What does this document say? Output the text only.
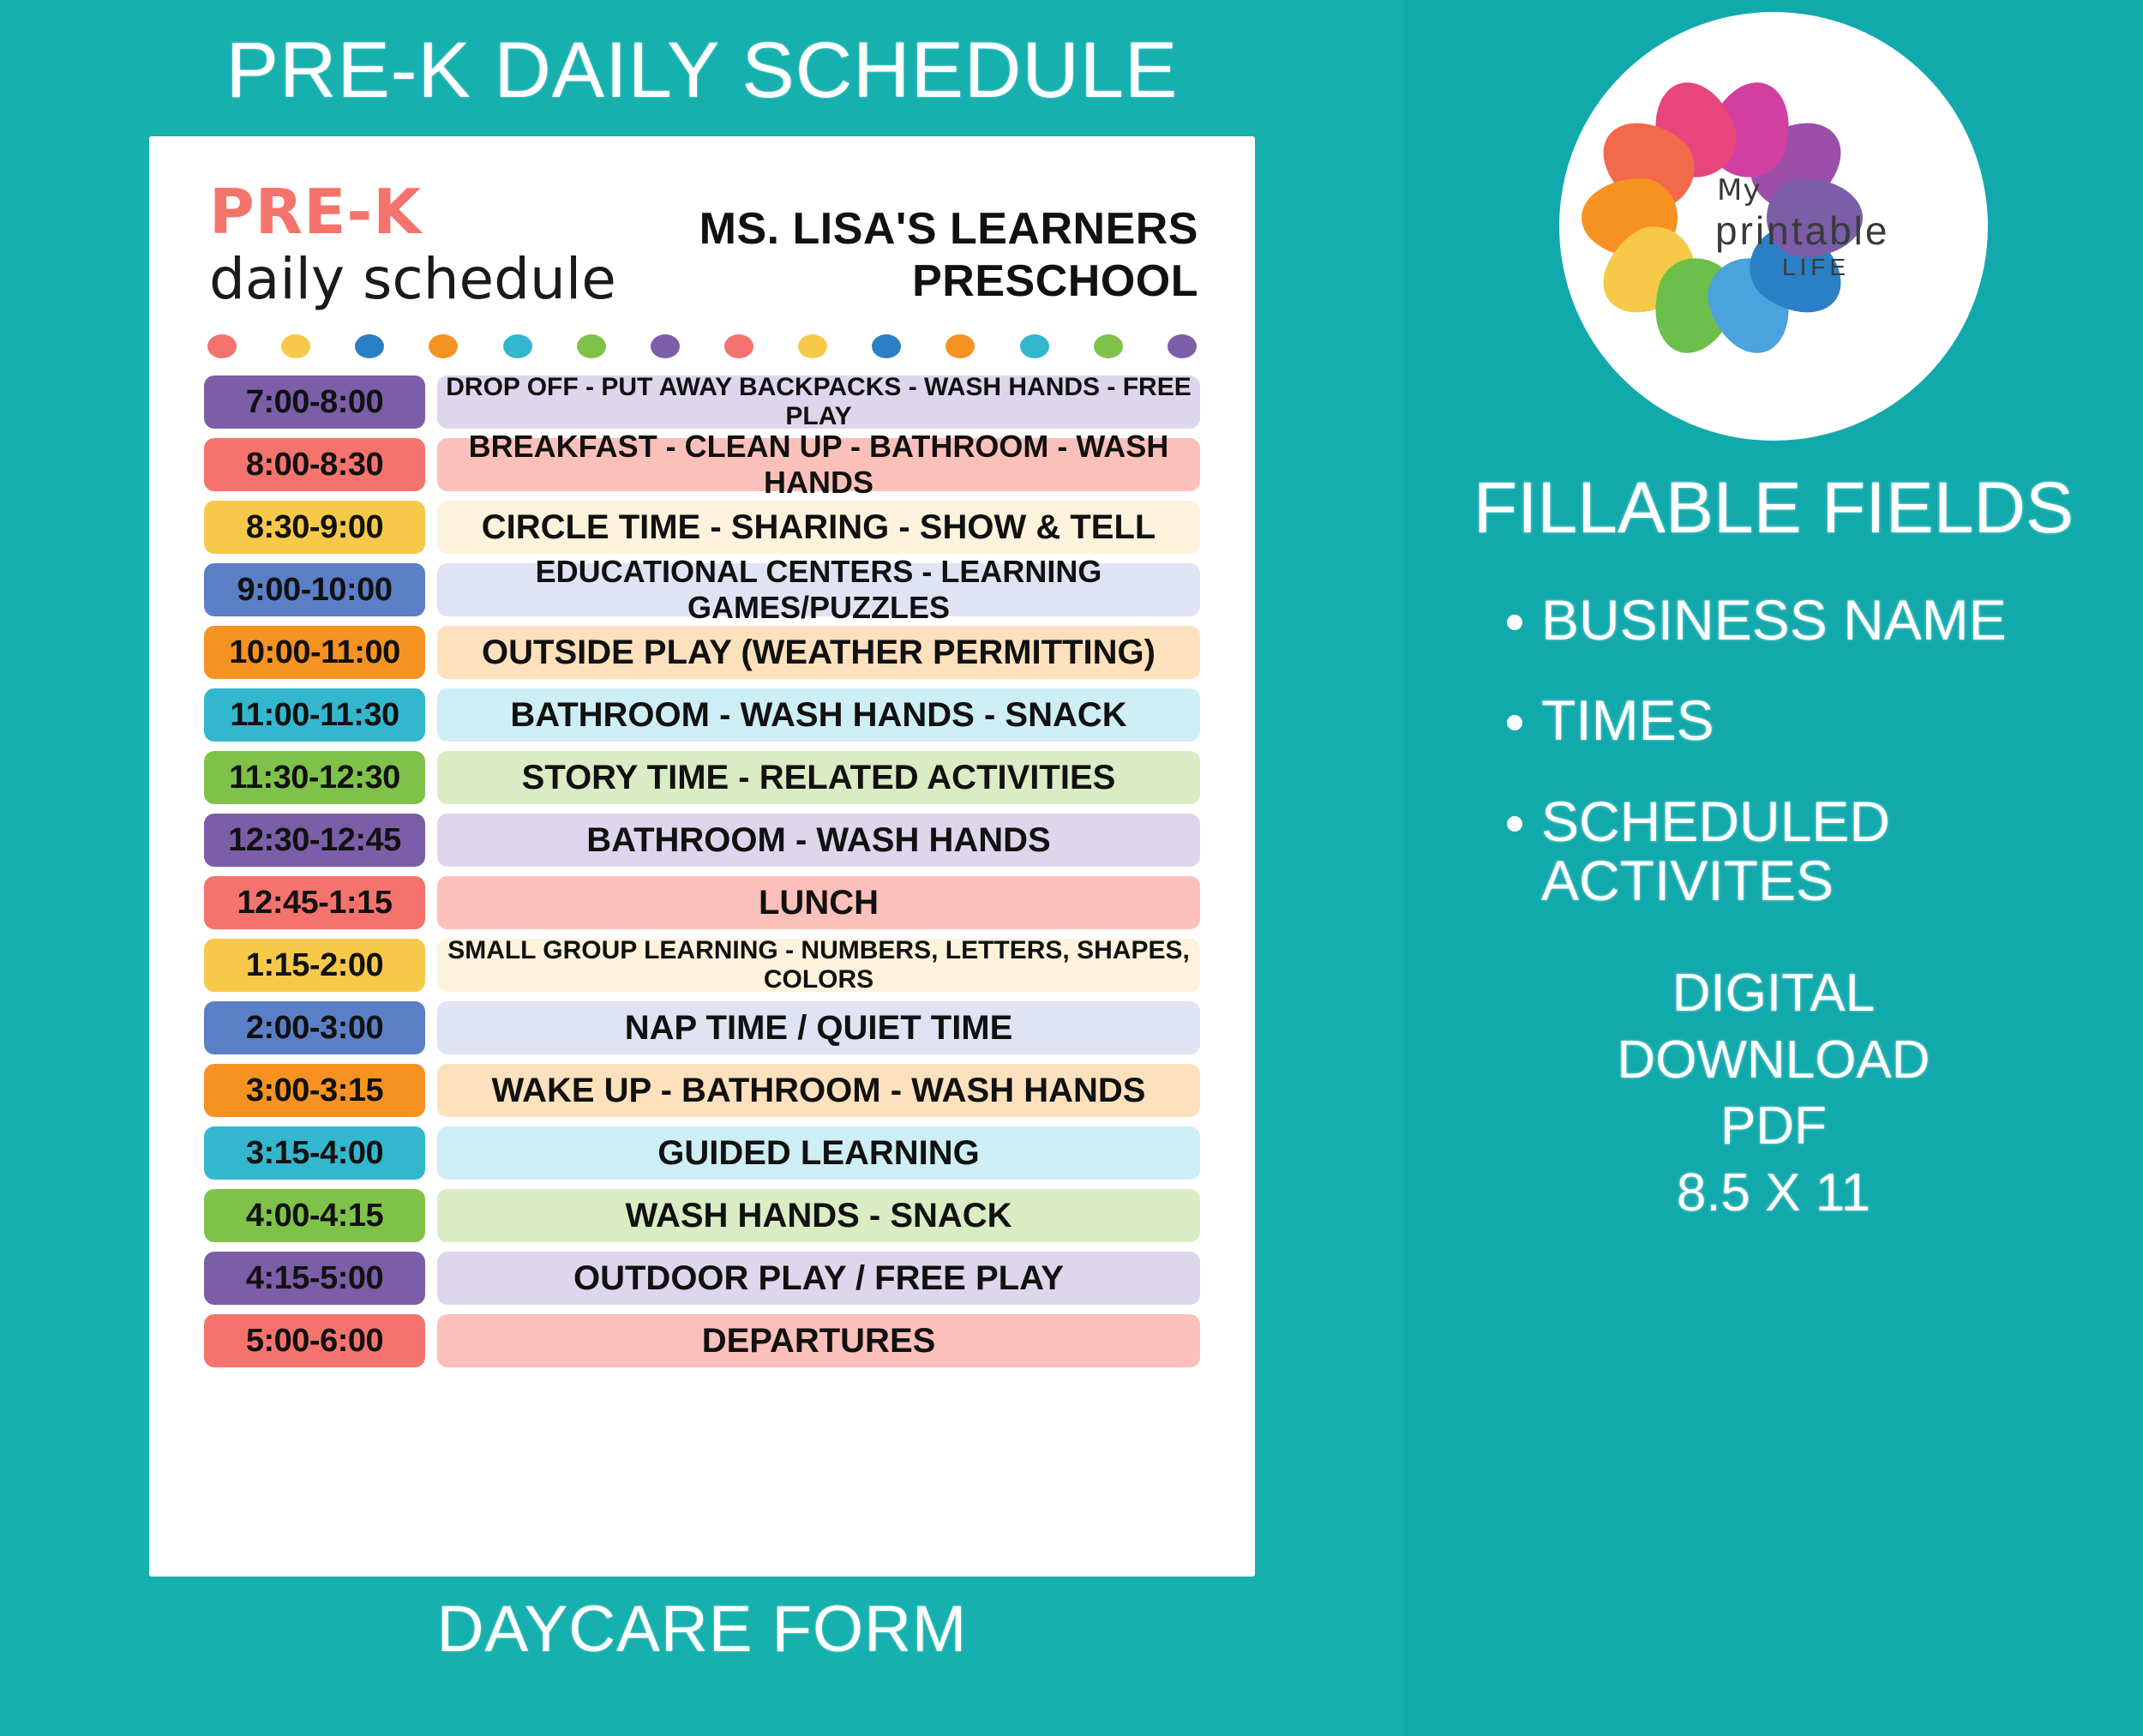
PRE-K DAILY SCHEDULE
PRE-K
daily schedule
MS. LISA'S LEARNERS PRESCHOOL
7:00-8:00	DROP OFF - PUT AWAY BACKPACKS - WASH HANDS - FREE PLAY
8:00-8:30	BREAKFAST - CLEAN UP - BATHROOM - WASH HANDS
8:30-9:00	CIRCLE TIME - SHARING - SHOW & TELL
9:00-10:00	EDUCATIONAL CENTERS - LEARNING GAMES/PUZZLES
10:00-11:00	OUTSIDE PLAY (WEATHER PERMITTING)
11:00-11:30	BATHROOM - WASH HANDS - SNACK
11:30-12:30	STORY TIME - RELATED ACTIVITIES
12:30-12:45	BATHROOM - WASH HANDS
12:45-1:15	LUNCH
1:15-2:00	SMALL GROUP LEARNING - NUMBERS, LETTERS, SHAPES, COLORS
2:00-3:00	NAP TIME / QUIET TIME
3:00-3:15	WAKE UP - BATHROOM - WASH HANDS
3:15-4:00	GUIDED LEARNING
4:00-4:15	WASH HANDS - SNACK
4:15-5:00	OUTDOOR PLAY / FREE PLAY
5:00-6:00	DEPARTURES
DAYCARE FORM
My
printable
LIFE
FILLABLE FIELDS
BUSINESS NAME
TIMES
SCHEDULED ACTIVITES
DIGITAL
DOWNLOAD
PDF
8.5 X 11
